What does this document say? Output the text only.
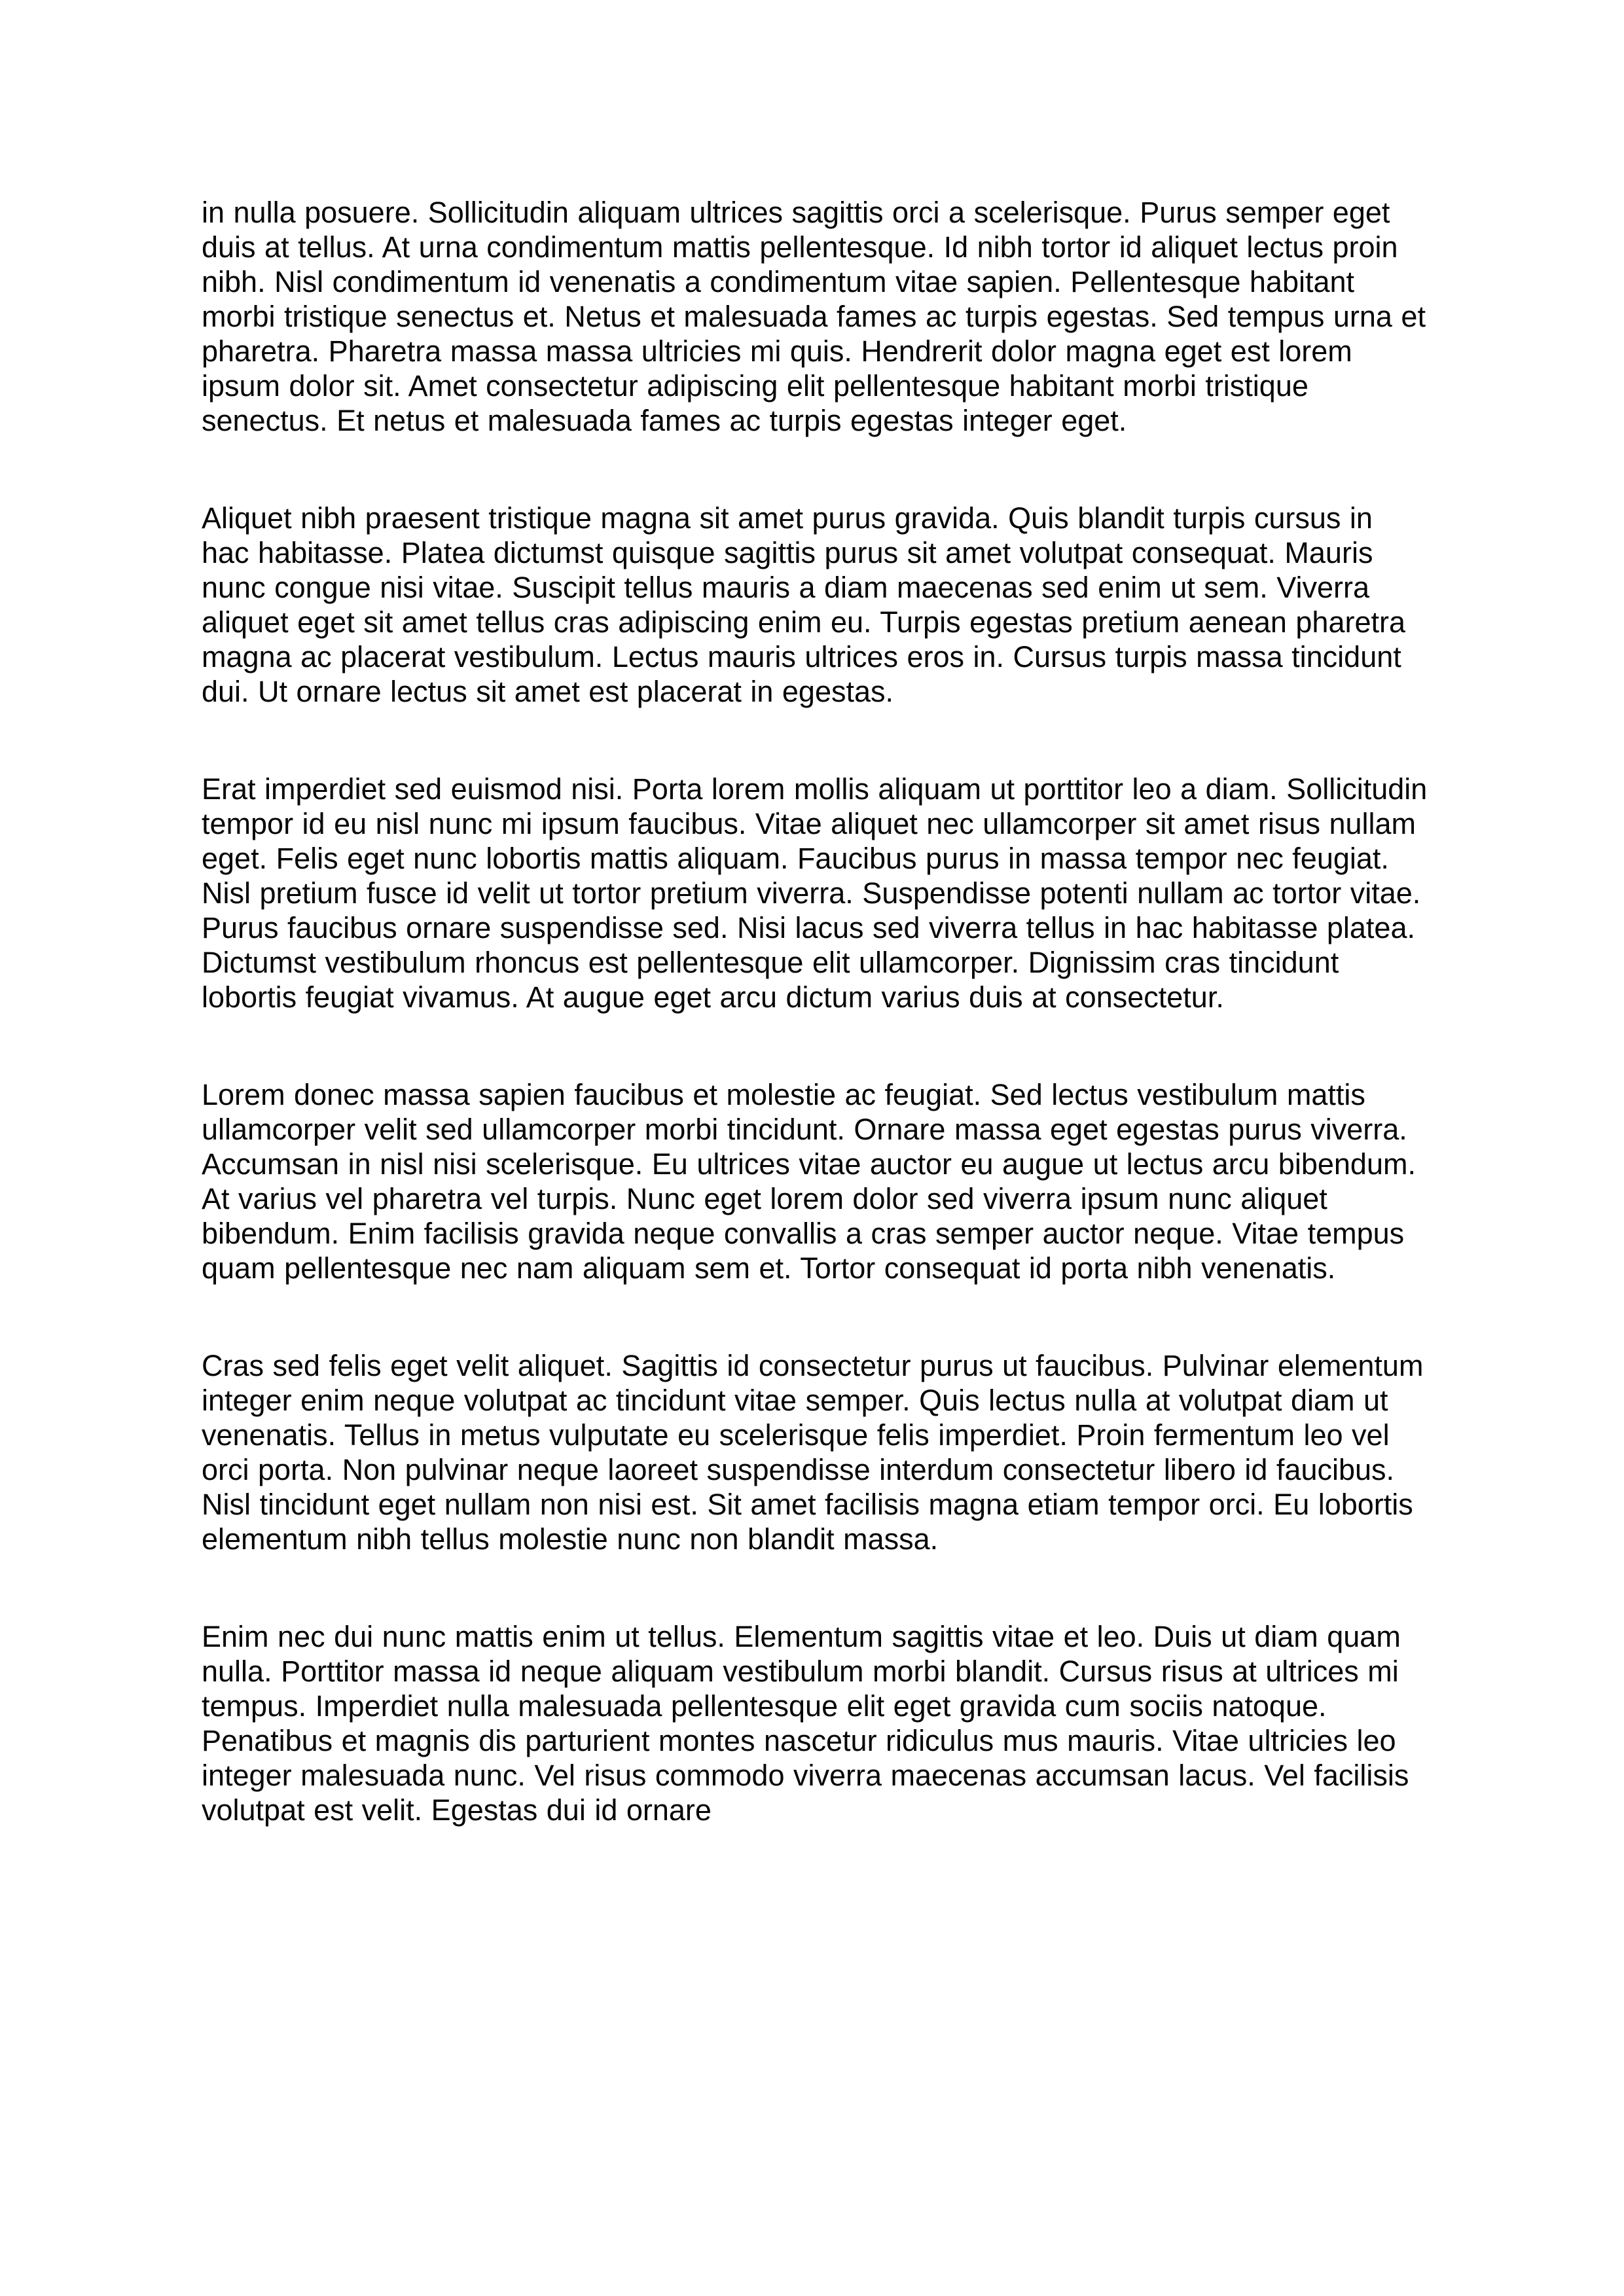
in nulla posuere. Sollicitudin aliquam ultrices sagittis orci a scelerisque. Purus semper eget duis at tellus. At urna condimentum mattis pellentesque. Id nibh tortor id aliquet lectus proin nibh. Nisl condimentum id venenatis a condimentum vitae sapien. Pellentesque habitant morbi tristique senectus et. Netus et malesuada fames ac turpis egestas. Sed tempus urna et pharetra. Pharetra massa massa ultricies mi quis. Hendrerit dolor magna eget est lorem ipsum dolor sit. Amet consectetur adipiscing elit pellentesque habitant morbi tristique senectus. Et netus et malesuada fames ac turpis egestas integer eget.

Aliquet nibh praesent tristique magna sit amet purus gravida. Quis blandit turpis cursus in hac habitasse. Platea dictumst quisque sagittis purus sit amet volutpat consequat. Mauris nunc congue nisi vitae. Suscipit tellus mauris a diam maecenas sed enim ut sem. Viverra aliquet eget sit amet tellus cras adipiscing enim eu. Turpis egestas pretium aenean pharetra magna ac placerat vestibulum. Lectus mauris ultrices eros in. Cursus turpis massa tincidunt dui. Ut ornare lectus sit amet est placerat in egestas.

Erat imperdiet sed euismod nisi. Porta lorem mollis aliquam ut porttitor leo a diam. Sollicitudin tempor id eu nisl nunc mi ipsum faucibus. Vitae aliquet nec ullamcorper sit amet risus nullam eget. Felis eget nunc lobortis mattis aliquam. Faucibus purus in massa tempor nec feugiat. Nisl pretium fusce id velit ut tortor pretium viverra. Suspendisse potenti nullam ac tortor vitae. Purus faucibus ornare suspendisse sed. Nisi lacus sed viverra tellus in hac habitasse platea. Dictumst vestibulum rhoncus est pellentesque elit ullamcorper. Dignissim cras tincidunt lobortis feugiat vivamus. At augue eget arcu dictum varius duis at consectetur.

Lorem donec massa sapien faucibus et molestie ac feugiat. Sed lectus vestibulum mattis ullamcorper velit sed ullamcorper morbi tincidunt. Ornare massa eget egestas purus viverra. Accumsan in nisl nisi scelerisque. Eu ultrices vitae auctor eu augue ut lectus arcu bibendum. At varius vel pharetra vel turpis. Nunc eget lorem dolor sed viverra ipsum nunc aliquet bibendum. Enim facilisis gravida neque convallis a cras semper auctor neque. Vitae tempus quam pellentesque nec nam aliquam sem et. Tortor consequat id porta nibh venenatis.

Cras sed felis eget velit aliquet. Sagittis id consectetur purus ut faucibus. Pulvinar elementum integer enim neque volutpat ac tincidunt vitae semper. Quis lectus nulla at volutpat diam ut venenatis. Tellus in metus vulputate eu scelerisque felis imperdiet. Proin fermentum leo vel orci porta. Non pulvinar neque laoreet suspendisse interdum consectetur libero id faucibus. Nisl tincidunt eget nullam non nisi est. Sit amet facilisis magna etiam tempor orci. Eu lobortis elementum nibh tellus molestie nunc non blandit massa.

Enim nec dui nunc mattis enim ut tellus. Elementum sagittis vitae et leo. Duis ut diam quam nulla. Porttitor massa id neque aliquam vestibulum morbi blandit. Cursus risus at ultrices mi tempus. Imperdiet nulla malesuada pellentesque elit eget gravida cum sociis natoque. Penatibus et magnis dis parturient montes nascetur ridiculus mus mauris. Vitae ultricies leo integer malesuada nunc. Vel risus commodo viverra maecenas accumsan lacus. Vel facilisis volutpat est velit. Egestas dui id ornare
